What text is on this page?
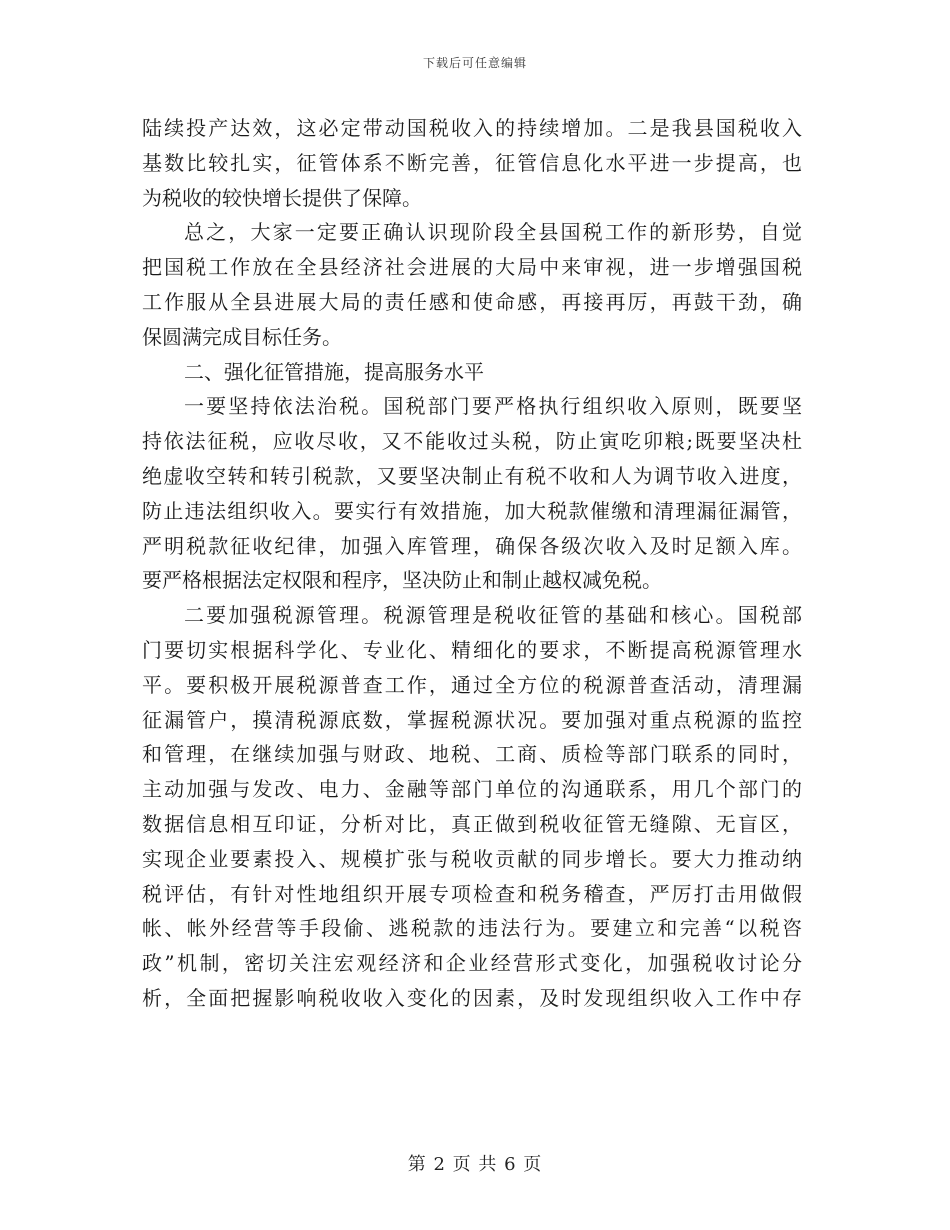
下载后可任意编辑
陆续投产达效，这必定带动国税收入的持续增加。二是我县国税收入
基数比较扎实，征管体系不断完善，征管信息化水平进一步提高，也
为税收的较快增长提供了保障。
总之，大家一定要正确认识现阶段全县国税工作的新形势，自觉
把国税工作放在全县经济社会进展的大局中来审视，进一步增强国税
工作服从全县进展大局的责任感和使命感，再接再厉，再鼓干劲，确
保圆满完成目标任务。
二、强化征管措施，提高服务水平
一要坚持依法治税。国税部门要严格执行组织收入原则，既要坚
持依法征税，应收尽收，又不能收过头税，防止寅吃卯粮;既要坚决杜
绝虚收空转和转引税款，又要坚决制止有税不收和人为调节收入进度，
防止违法组织收入。要实行有效措施，加大税款催缴和清理漏征漏管，
严明税款征收纪律，加强入库管理，确保各级次收入及时足额入库。
要严格根据法定权限和程序，坚决防止和制止越权减免税。
二要加强税源管理。税源管理是税收征管的基础和核心。国税部
门要切实根据科学化、专业化、精细化的要求，不断提高税源管理水
平。要积极开展税源普查工作，通过全方位的税源普查活动，清理漏
征漏管户，摸清税源底数，掌握税源状况。要加强对重点税源的监控
和管理，在继续加强与财政、地税、工商、质检等部门联系的同时，
主动加强与发改、电力、金融等部门单位的沟通联系，用几个部门的
数据信息相互印证，分析对比，真正做到税收征管无缝隙、无盲区，
实现企业要素投入、规模扩张与税收贡献的同步增长。要大力推动纳
税评估，有针对性地组织开展专项检查和税务稽查，严厉打击用做假
帐、帐外经营等手段偷、逃税款的违法行为。要建立和完善“以税咨
政”机制，密切关注宏观经济和企业经营形式变化，加强税收讨论分
析，全面把握影响税收收入变化的因素，及时发现组织收入工作中存
第 2 页 共 6 页
